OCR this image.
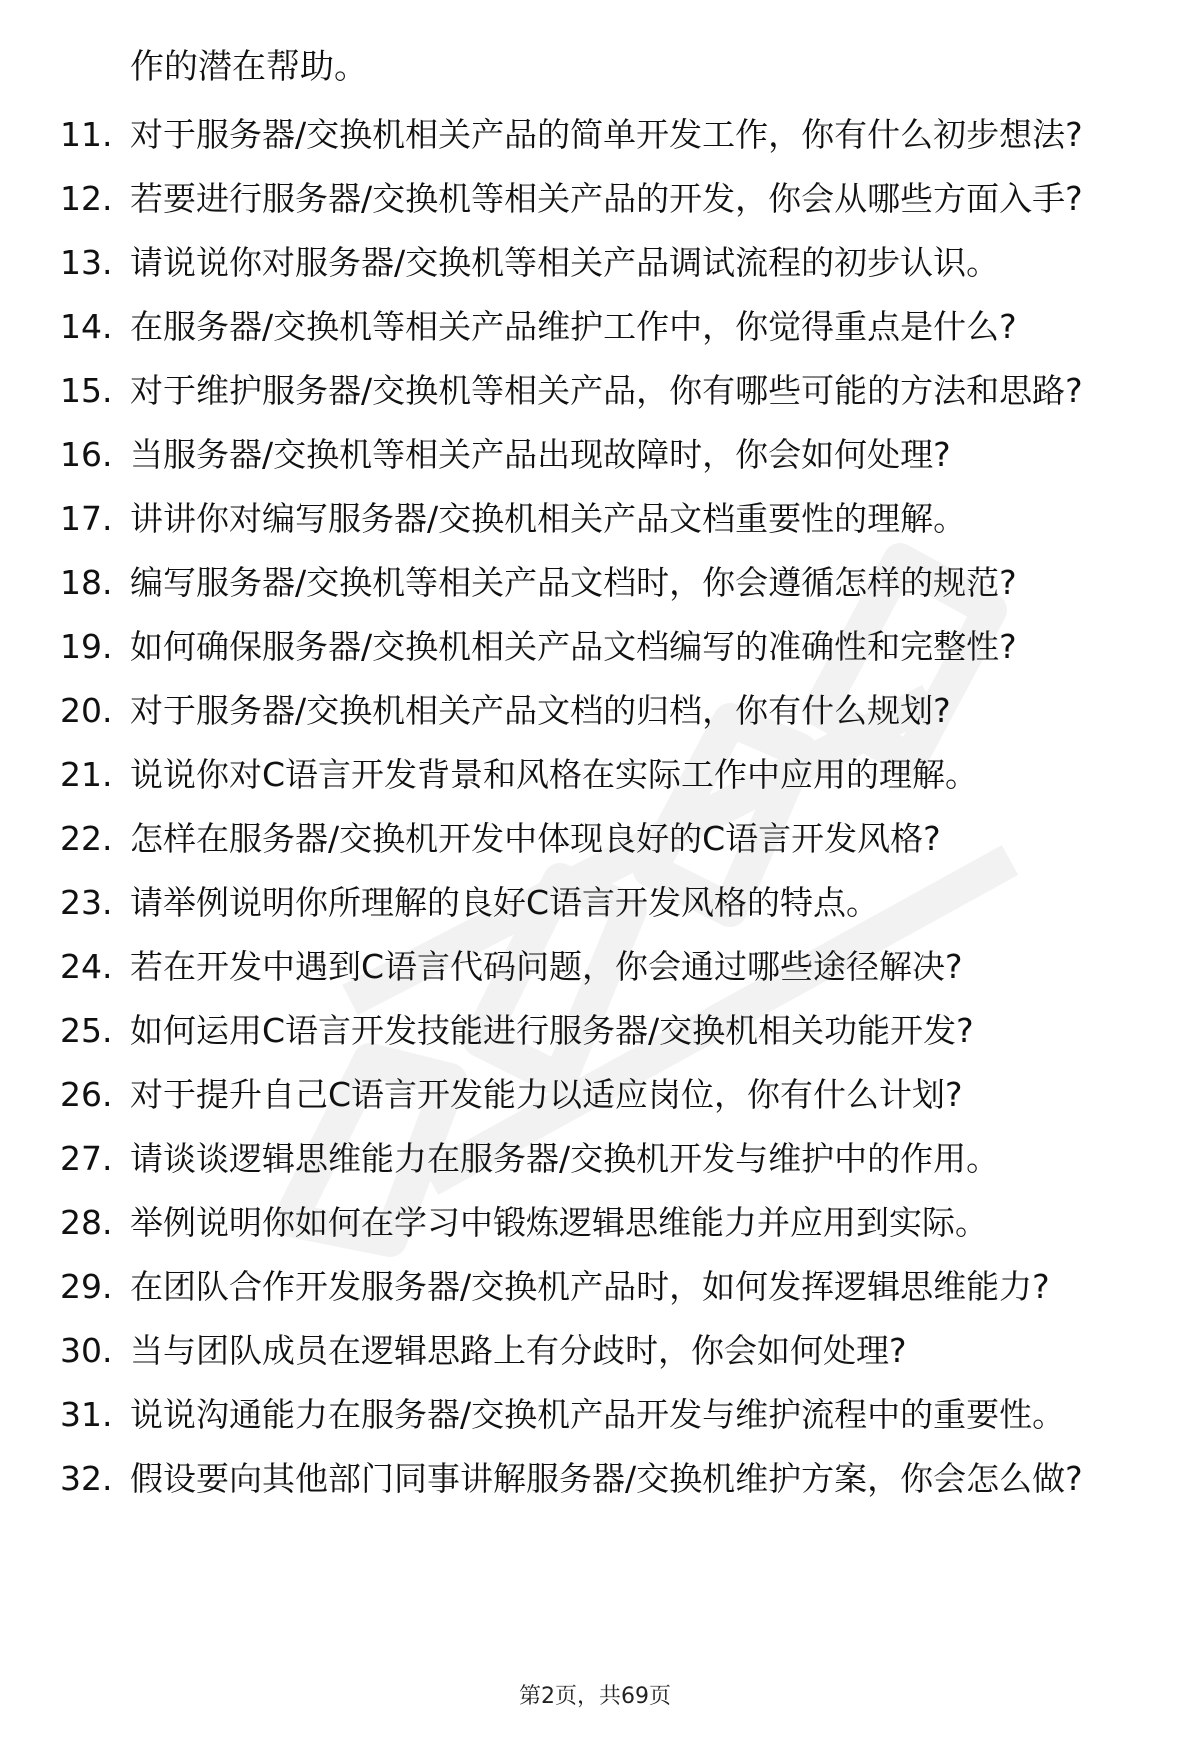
作的潜在帮助。
11. 对于服务器/交换机相关产品的简单开发工作，你有什么初步想法?
12. 若要进行服务器/交换机等相关产品的开发，你会从哪些方面入手?
13. 请说说你对服务器/交换机等相关产品调试流程的初步认识。
14. 在服务器/交换机等相关产品维护工作中，你觉得重点是什么?
15. 对于维护服务器/交换机等相关产品，你有哪些可能的方法和思路?
16. 当服务器/交换机等相关产品出现故障时，你会如何处理?
17. 讲讲你对编写服务器/交换机相关产品文档重要性的理解。
18. 编写服务器/交换机等相关产品文档时，你会遵循怎样的规范?
19. 如何确保服务器/交换机相关产品文档编写的准确性和完整性?
20. 对于服务器/交换机相关产品文档的归档，你有什么规划?
21. 说说你对C语言开发背景和风格在实际工作中应用的理解。
22. 怎样在服务器/交换机开发中体现良好的C语言开发风格?
23. 请举例说明你所理解的良好C语言开发风格的特点。
24. 若在开发中遇到C语言代码问题，你会通过哪些途径解决?
25. 如何运用C语言开发技能进行服务器/交换机相关功能开发?
26. 对于提升自己C语言开发能力以适应岗位，你有什么计划?
27. 请谈谈逻辑思维能力在服务器/交换机开发与维护中的作用。
28. 举例说明你如何在学习中锻炼逻辑思维能力并应用到实际。
29. 在团队合作开发服务器/交换机产品时，如何发挥逻辑思维能力?
30. 当与团队成员在逻辑思路上有分歧时，你会如何处理?
31. 说说沟通能力在服务器/交换机产品开发与维护流程中的重要性。
32. 假设要向其他部门同事讲解服务器/交换机维护方案，你会怎么做?
第2页，共69页
